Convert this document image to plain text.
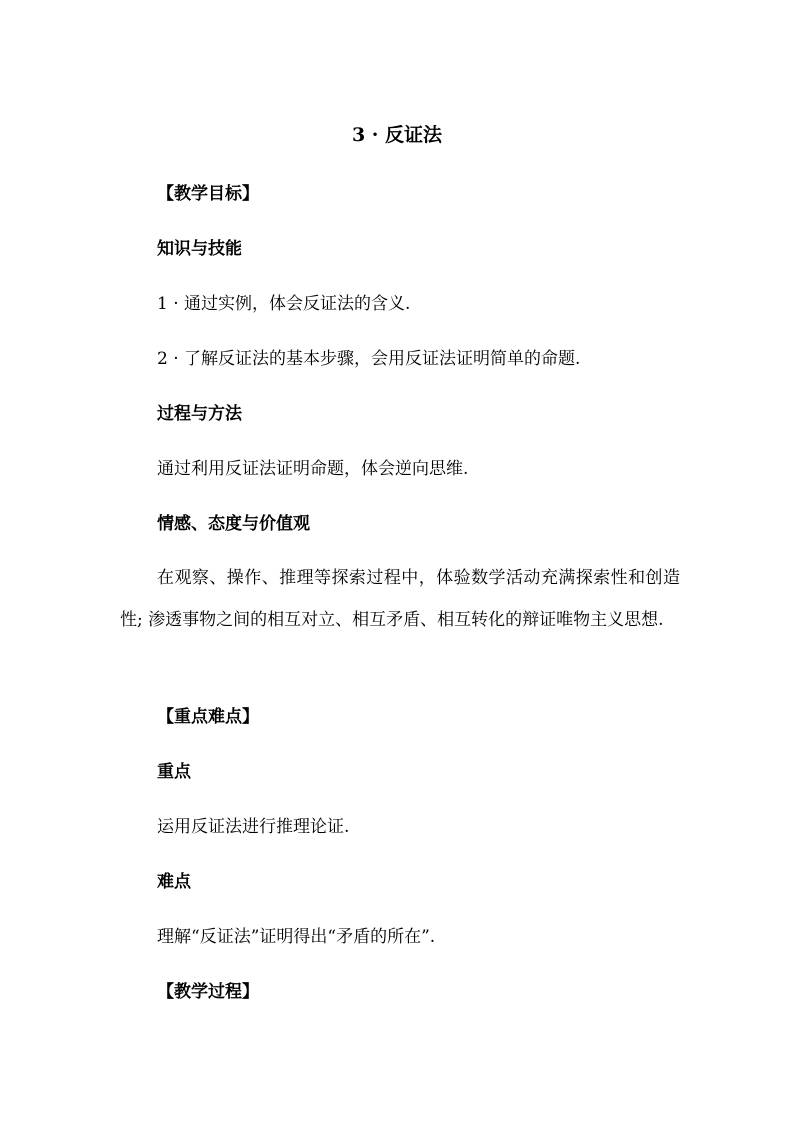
3 · 反证法

【教学目标】

知识与技能

1 · 通过实例，体会反证法的含义.

2 · 了解反证法的基本步骤，会用反证法证明简单的命题.

过程与方法

通过利用反证法证明命题，体会逆向思维.

情感、态度与价值观

在观察、操作、推理等探索过程中，体验数学活动充满探索性和创造性; 渗透事物之间的相互对立、相互矛盾、相互转化的辩证唯物主义思想.

【重点难点】

重点

运用反证法进行推理论证.

难点

理解“反证法”证明得出“矛盾的所在”.

【教学过程】
